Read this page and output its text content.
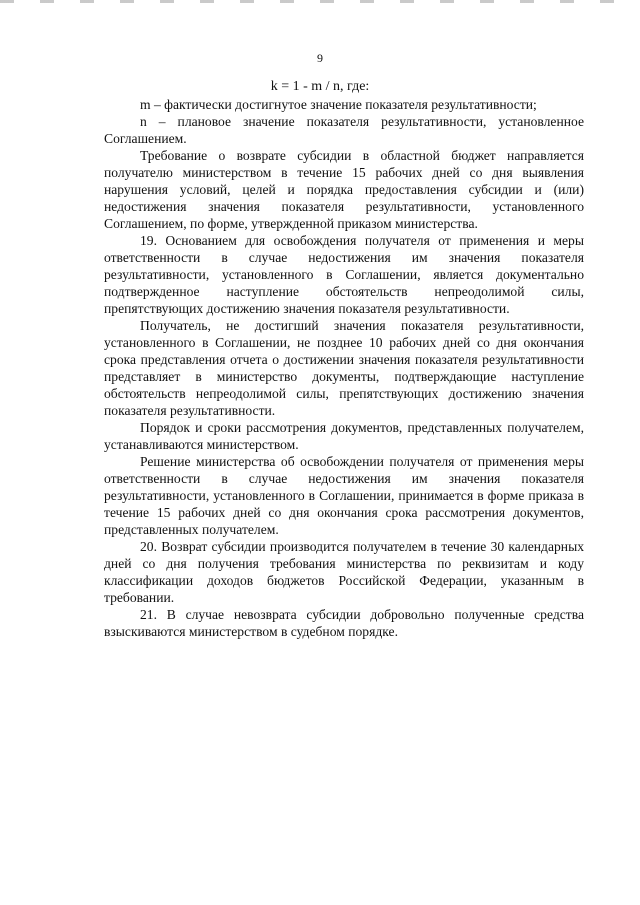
9
k = 1 - m / n, где:

m – фактически достигнутое значение показателя результативности;

n – плановое значение показателя результативности, установленное Соглашением.

Требование о возврате субсидии в областной бюджет направляется получателю министерством в течение 15 рабочих дней со дня выявления нарушения условий, целей и порядка предоставления субсидии и (или) недостижения значения показателя результативности, установленного Соглашением, по форме, утвержденной приказом министерства.

19. Основанием для освобождения получателя от применения и меры ответственности в случае недостижения им значения показателя результативности, установленного в Соглашении, является документально подтвержденное наступление обстоятельств непреодолимой силы, препятствующих достижению значения показателя результативности.

Получатель, не достигший значения показателя результативности, установленного в Соглашении, не позднее 10 рабочих дней со дня окончания срока представления отчета о достижении значения показателя результативности представляет в министерство документы, подтверждающие наступление обстоятельств непреодолимой силы, препятствующих достижению значения показателя результативности.

Порядок и сроки рассмотрения документов, представленных получателем, устанавливаются министерством.

Решение министерства об освобождении получателя от применения меры ответственности в случае недостижения им значения показателя результативности, установленного в Соглашении, принимается в форме приказа в течение 15 рабочих дней со дня окончания срока рассмотрения документов, представленных получателем.

20. Возврат субсидии производится получателем в течение 30 календарных дней со дня получения требования министерства по реквизитам и коду классификации доходов бюджетов Российской Федерации, указанным в требовании.

21. В случае невозврата субсидии добровольно полученные средства взыскиваются министерством в судебном порядке.
